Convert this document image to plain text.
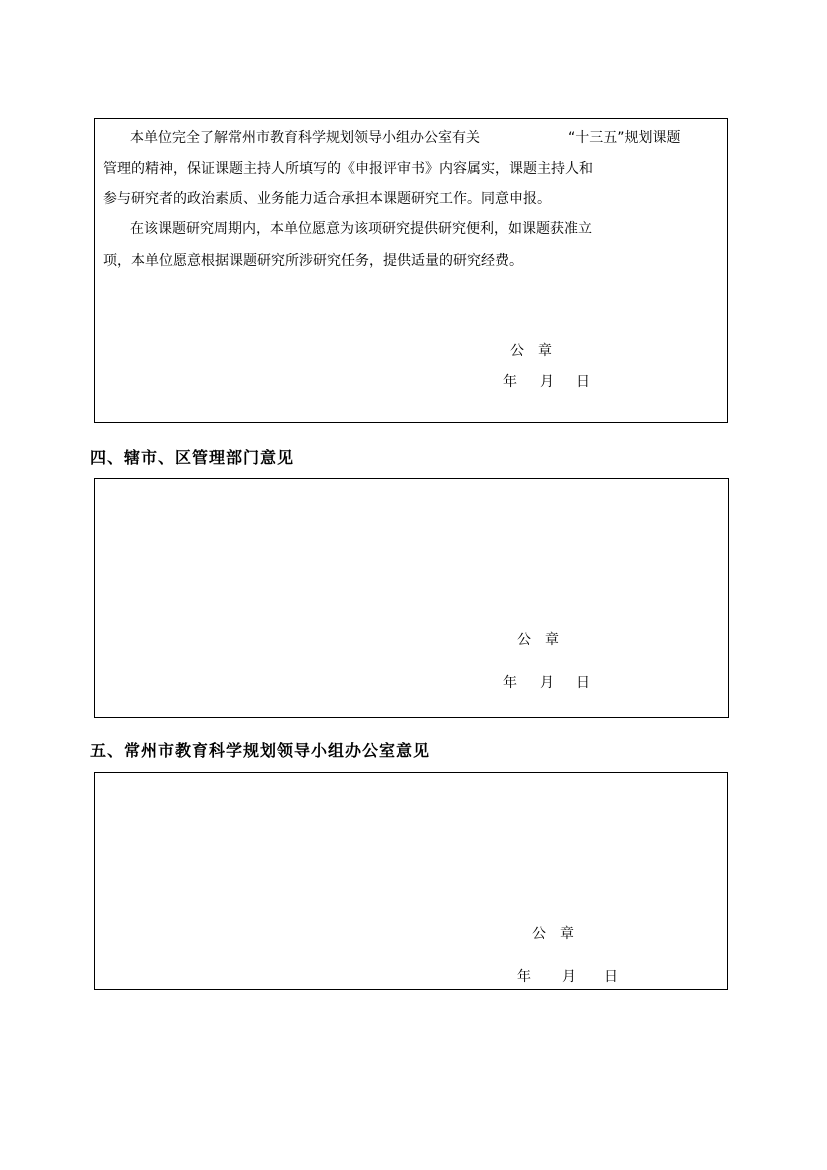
本单位完全了解常州市教育科学规划领导小组办公室有关	“十三五”规划课题
管理的精神，保证课题主持人所填写的《申报评审书》内容属实，课题主持人和
参与研究者的政治素质、业务能力适合承担本课题研究工作。同意申报。
在该课题研究周期内，本单位愿意为该项研究提供研究便利，如课题获准立
项，本单位愿意根据课题研究所涉研究任务，提供适量的研究经费。
公　章
年 月 日
四、辖市、区管理部门意见
公　章
年 月 日
五、常州市教育科学规划领导小组办公室意见
公　章
年 月 日
